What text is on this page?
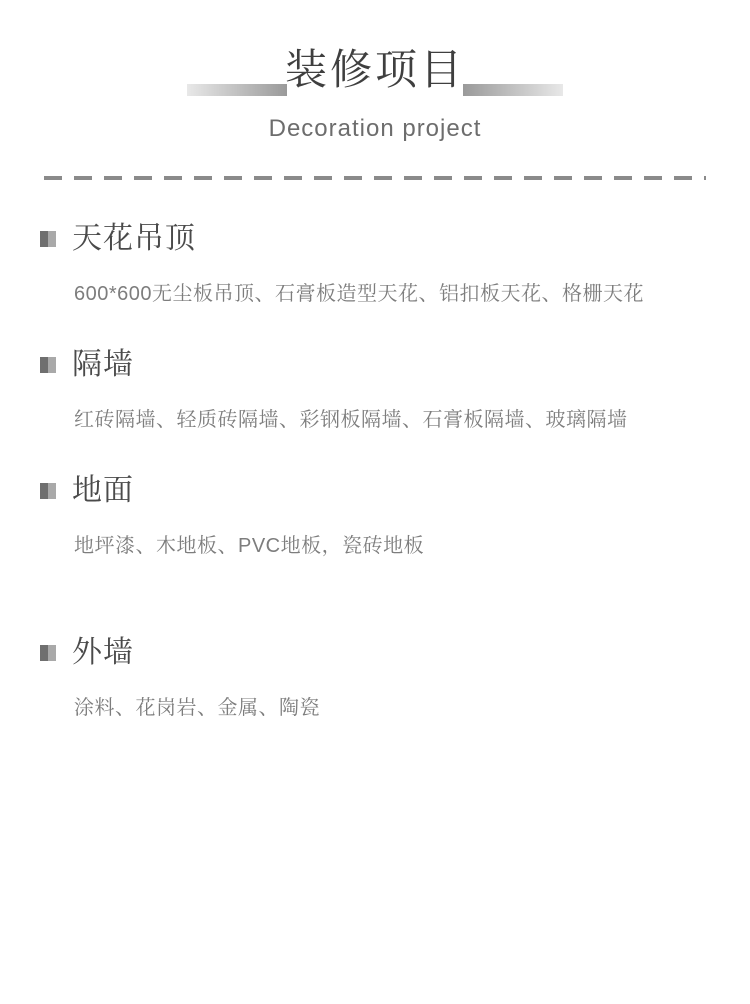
装修项目
Decoration project
天花吊顶
600*600无尘板吊顶、石膏板造型天花、铝扣板天花、格栅天花
隔墙
红砖隔墙、轻质砖隔墙、彩钢板隔墙、石膏板隔墙、玻璃隔墙
地面
地坪漆、木地板、PVC地板，瓷砖地板
外墙
涂料、花岗岩、金属、陶瓷
